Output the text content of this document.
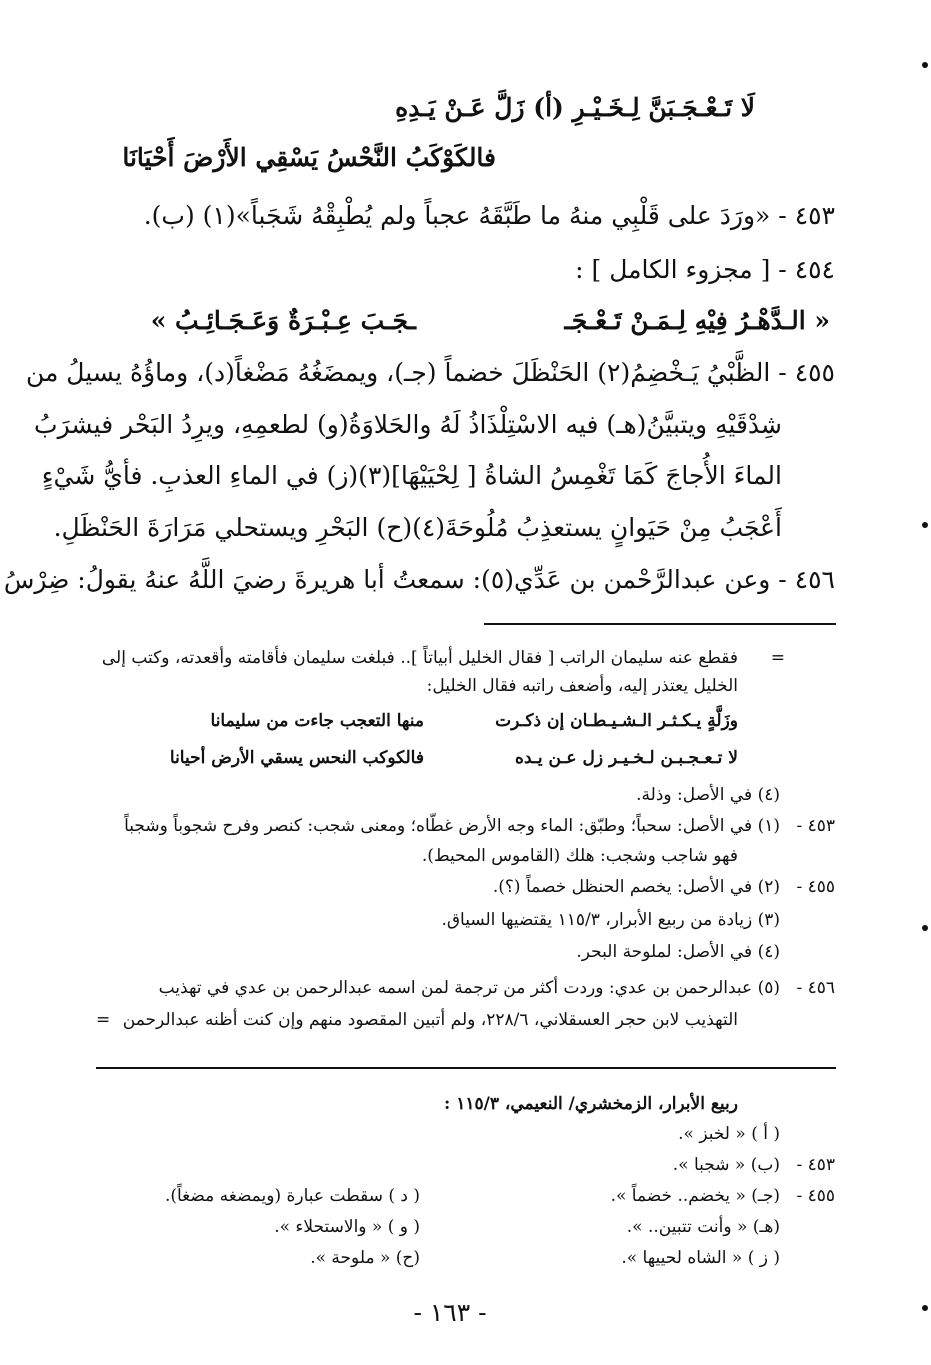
لَا تَـعْـجَـبَنَّ لِـخَـيْـرِ (أ) زَلَّ عَـنْ يَـدِهِ
فالكَوْكَبُ النَّحْسُ يَسْقِي الأَرْضَ أَحْيَانَا
٤٥٣ - «ورَدَ على قَلْبِي منهُ ما طَبَّقَهُ عجباً ولم يُطْبِقْهُ شَجَباً»(١) (ب).
٤٥٤ - [ مجزوء الكامل ] :
« الـدَّهْـرُ فِيْهِ لِـمَـنْ تَـعْـجَـ
ـجَـبَ عِـبْـرَةٌ وَعَـجَـائِـبُ »
٤٥٥ - الظَّبْيُ يَـخْضِمُ(٢) الحَنْظَلَ خضماً (جـ)، ويمضَغُهُ مَضْغاً(د)، وماؤُهُ يسيلُ من
شِدْقَيْهِ ويتبيَّنُ(هـ) فيه الاسْتِلْذَاذُ لَهُ والحَلاوَةُ(و) لطعمِهِ، ويرِدُ البَحْر فيشرَبُ
الماءَ الأُجاجَ كَمَا تَغْمِسُ الشاةُ [ لِحْيَيْهَا](٣)(ز) في الماءِ العذبِ. فأيُّ شَيْءٍ
أَعْجَبُ مِنْ حَيَوانٍ يستعذِبُ مُلُوحَةَ(٤)(ح) البَحْرِ ويستحلي مَرَارَةَ الحَنْظَلِ.
٤٥٦ - وعن عبدالرَّحْمن بن عَدِّي(٥): سمعتُ أبا هريرةَ رضيَ اللَّهُ عنهُ يقولُ: ضِرْسُ
=
فقطع عنه سليمان الراتب [ فقال الخليل أبياتاً ].. فبلغت سليمان فأقامته وأقعدته، وكتب إلى
الخليل يعتذر إليه، وأضعف راتبه فقال الخليل:
وزَلَّةٍ يـكـثـر الـشـيـطـان إن ذكـرت
منها التعجب جاءت من سليمانا
لا تـعـجـبـن لـخـيـر زل عـن يـده
فالكوكب النحس يسقي الأرض أحيانا
(٤) في الأصل: وذلة.
٤٥٣ -
(١) في الأصل: سحباً؛ وطبّق: الماء وجه الأرض غطّاه؛ ومعنى شجب: كنصر وفرح شجوباً وشجباً
فهو شاجب وشجب: هلك (القاموس المحيط).
٤٥٥ -
(٢) في الأصل: يخصم الحنظل خصماً (؟).
(٣) زيادة من ربيع الأبرار، ١١٥/٣ يقتضيها السياق.
(٤) في الأصل: لملوحة البحر.
٤٥٦ -
(٥) عبدالرحمن بن عدي: وردت أكثر من ترجمة لمن اسمه عبدالرحمن بن عدي في تهذيب
التهذيب لابن حجر العسقلاني، ٢٢٨/٦، ولم أتبين المقصود منهم وإن كنت أظنه عبدالرحمن
=
ربيع الأبرار، الزمخشري/ النعيمي، ١١٥/٣ :
( أ ) « لخبز ».
٤٥٣ -
(ب) « شجبا ».
٤٥٥ -
(جـ) « يخضم.. خضماً ».
( د ) سقطت عبارة (ويمضغه مضغاً).
(هـ) « وأنت تتبين.. ».
( و ) « والاستحلاء ».
( ز ) « الشاه لحييها ».
(ح) « ملوحة ».
- ١٦٣ -
